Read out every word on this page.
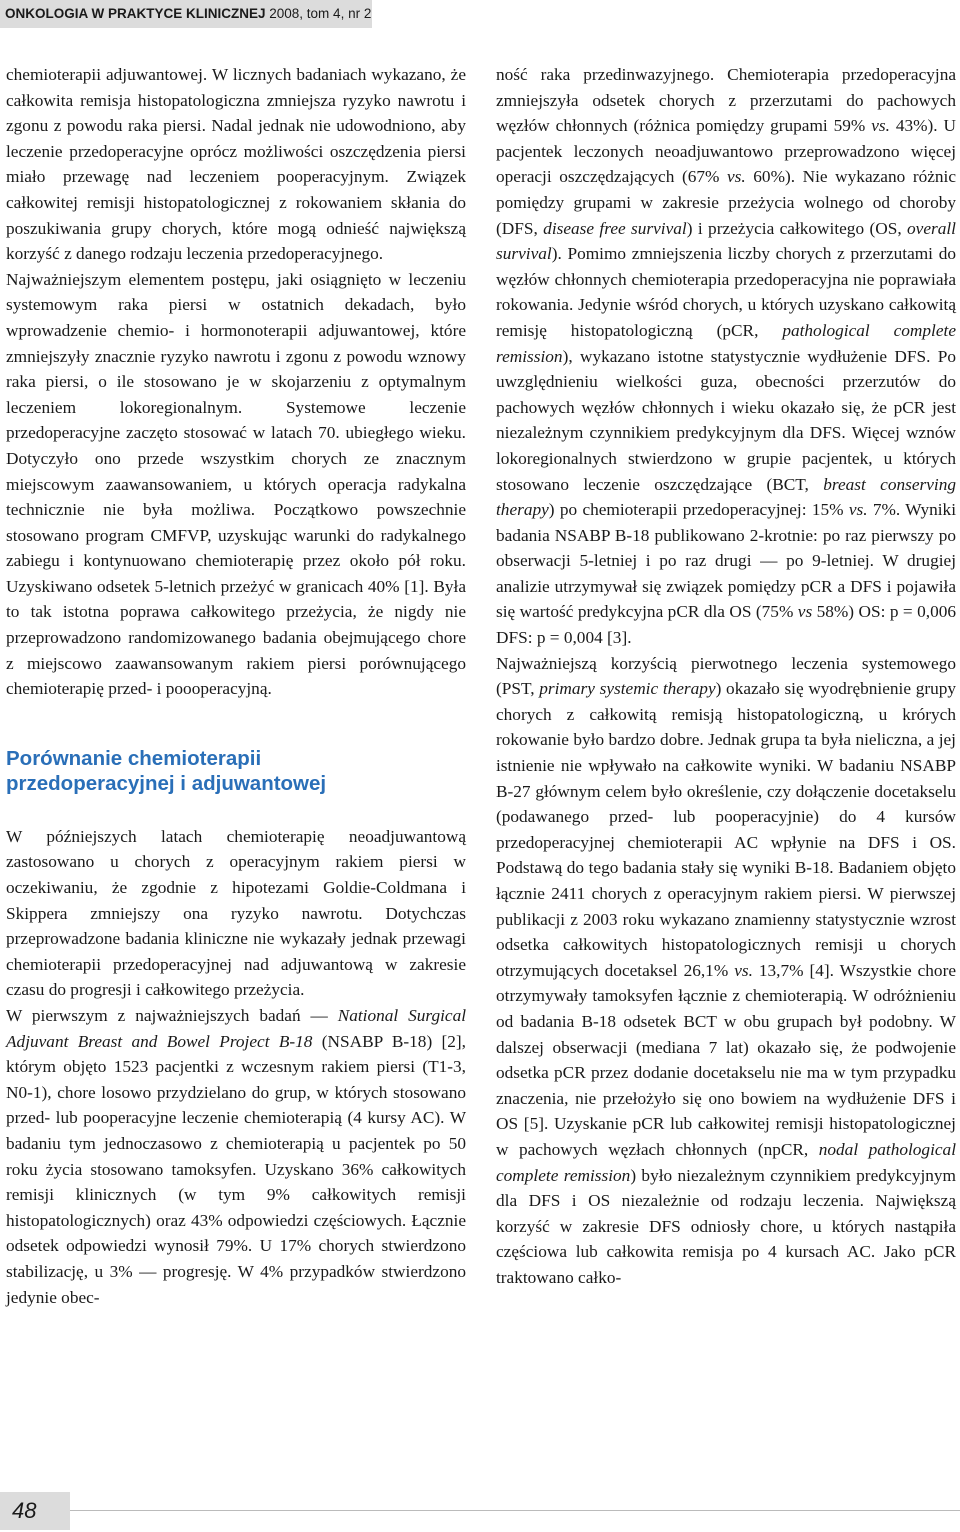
ONKOLOGIA W PRAKTYCE KLINICZNEJ 2008, tom 4, nr 2

chemioterapii adjuwantowej. W licznych badaniach wykazano, że całkowita remisja histopatologiczna zmniejsza ryzyko nawrotu i zgonu z powodu raka piersi. Nadal jednak nie udowodniono, aby leczenie przedoperacyjne oprócz możliwości oszczędzenia piersi miało przewagę nad leczeniem pooperacyjnym. Związek całkowitej remisji histopatologicznej z rokowaniem skłania do poszukiwania grupy chorych, które mogą odnieść największą korzyść z danego rodzaju leczenia przedoperacyjnego.

Najważniejszym elementem postępu, jaki osiągnięto w leczeniu systemowym raka piersi w ostatnich dekadach, było wprowadzenie chemio- i hormonoterapii adjuwantowej, które zmniejszyły znacznie ryzyko nawrotu i zgonu z powodu wznowy raka piersi, o ile stosowano je w skojarzeniu z optymalnym leczeniem lokoregionalnym. Systemowe leczenie przedoperacyjne zaczęto stosować w latach 70. ubiegłego wieku. Dotyczyło ono przede wszystkim chorych ze znacznym miejscowym zaawansowaniem, u których operacja radykalna technicznie nie była możliwa. Początkowo powszechnie stosowano program CMFVP, uzyskując warunki do radykalnego zabiegu i kontynuowano chemioterapię przez około pół roku. Uzyskiwano odsetek 5-letnich przeżyć w granicach 40% [1]. Była to tak istotna poprawa całkowitego przeżycia, że nigdy nie przeprowadzono randomizowanego badania obejmującego chore z miejscowo zaawansowanym rakiem piersi porównującego chemioterapię przed- i poooperacyjną.

Porównanie chemioterapii
przedoperacyjnej i adjuwantowej

W późniejszych latach chemioterapię neoadjuwantową zastosowano u chorych z operacyjnym rakiem piersi w oczekiwaniu, że zgodnie z hipotezami Goldie-Coldmana i Skippera zmniejszy ona ryzyko nawrotu. Dotychczas przeprowadzone badania kliniczne nie wykazały jednak przewagi chemioterapii przedoperacyjnej nad adjuwantową w zakresie czasu do progresji i całkowitego przeżycia.

W pierwszym z najważniejszych badań — National Surgical Adjuvant Breast and Bowel Project B-18 (NSABP B-18) [2], którym objęto 1523 pacjentki z wczesnym rakiem piersi (T1-3, N0-1), chore losowo przydzielano do grup, w których stosowano przed- lub pooperacyjne leczenie chemioterapią (4 kursy AC). W badaniu tym jednoczasowo z chemioterapią u pacjentek po 50 roku życia stosowano tamoksyfen. Uzyskano 36% całkowitych remisji klinicznych (w tym 9% całkowitych remisji histopatologicznych) oraz 43% odpowiedzi częściowych. Łącznie odsetek odpowiedzi wynosił 79%. U 17% chorych stwierdzono stabilizację, u 3% — progresję. W 4% przypadków stwierdzono jedynie obec-

ność raka przedinwazyjnego. Chemioterapia przedoperacyjna zmniejszyła odsetek chorych z przerzutami do pachowych węzłów chłonnych (różnica pomiędzy grupami 59% vs. 43%). U pacjentek leczonych neoadjuwantowo przeprowadzono więcej operacji oszczędzających (67% vs. 60%). Nie wykazano różnic pomiędzy grupami w zakresie przeżycia wolnego od choroby (DFS, disease free survival) i przeżycia całkowitego (OS, overall survival). Pomimo zmniejszenia liczby chorych z przerzutami do węzłów chłonnych chemioterapia przedoperacyjna nie poprawiała rokowania. Jedynie wśród chorych, u których uzyskano całkowitą remisję histopatologiczną (pCR, pathological complete remission), wykazano istotne statystycznie wydłużenie DFS. Po uwzględnieniu wielkości guza, obecności przerzutów do pachowych węzłów chłonnych i wieku okazało się, że pCR jest niezależnym czynnikiem predykcyjnym dla DFS. Więcej wznów lokoregionalnych stwierdzono w grupie pacjentek, u których stosowano leczenie oszczędzające (BCT, breast conserving therapy) po chemioterapii przedoperacyjnej: 15% vs. 7%. Wyniki badania NSABP B-18 publikowano 2-krotnie: po raz pierwszy po obserwacji 5-letniej i po raz drugi — po 9-letniej. W drugiej analizie utrzymywał się związek pomiędzy pCR a DFS i pojawiła się wartość predykcyjna pCR dla OS (75% vs 58%) OS: p = 0,006 DFS: p = 0,004 [3].

Najważniejszą korzyścią pierwotnego leczenia systemowego (PST, primary systemic therapy) okazało się wyodrębnienie grupy chorych z całkowitą remisją histopatologiczną, u krórych rokowanie było bardzo dobre. Jednak grupa ta była nieliczna, a jej istnienie nie wpływało na całkowite wyniki. W badaniu NSABP B-27 głównym celem było określenie, czy dołączenie docetakselu (podawanego przed- lub pooperacyjnie) do 4 kursów przedoperacyjnej chemioterapii AC wpłynie na DFS i OS. Podstawą do tego badania stały się wyniki B-18. Badaniem objęto łącznie 2411 chorych z operacyjnym rakiem piersi. W pierwszej publikacji z 2003 roku wykazano znamienny statystycznie wzrost odsetka całkowitych histopatologicznych remisji u chorych otrzymujących docetaksel 26,1% vs. 13,7% [4]. Wszystkie chore otrzymywały tamoksyfen łącznie z chemioterapią. W odróżnieniu od badania B-18 odsetek BCT w obu grupach był podobny. W dalszej obserwacji (mediana 7 lat) okazało się, że podwojenie odsetka pCR przez dodanie docetakselu nie ma w tym przypadku znaczenia, nie przełożyło się ono bowiem na wydłużenie DFS i OS [5]. Uzyskanie pCR lub całkowitej remisji histopatologicznej w pachowych węzłach chłonnych (npCR, nodal pathological complete remission) było niezależnym czynnikiem predykcyjnym dla DFS i OS niezależnie od rodzaju leczenia. Największą korzyść w zakresie DFS odniosły chore, u których nastąpiła częściowa lub całkowita remisja po 4 kursach AC. Jako pCR traktowano całko-

48
